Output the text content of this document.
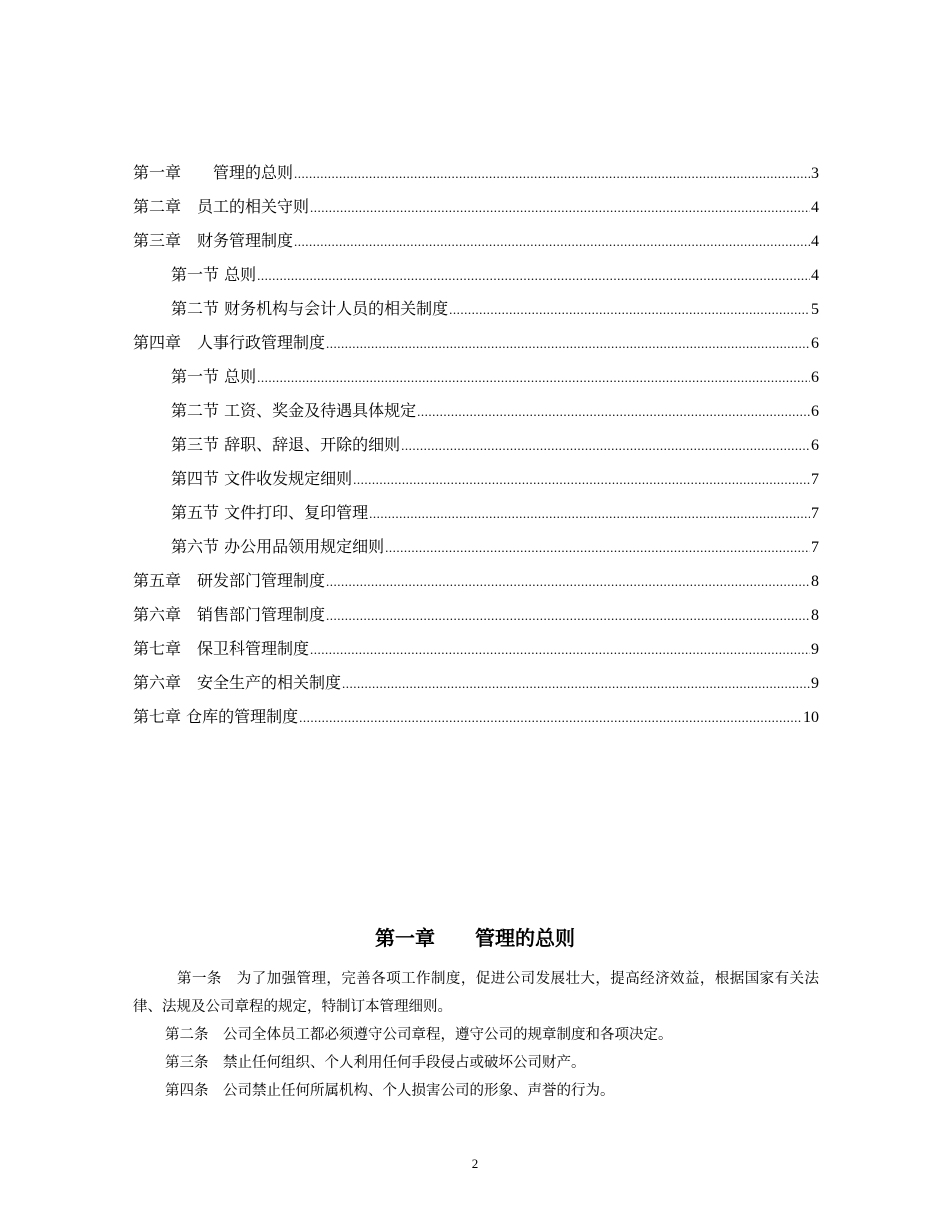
第一章　　管理的总则 .....	3
第二章　员工的相关守则 .....	4
第三章　财务管理制度 .....	4
第一节 总则 .....	4
第二节 财务机构与会计人员的相关制度 .....	5
第四章　人事行政管理制度 .....	6
第一节 总则 .....	6
第二节 工资、奖金及待遇具体规定 .....	6
第三节 辞职、辞退、开除的细则 .....	6
第四节 文件收发规定细则 .....	7
第五节 文件打印、复印管理 .....	7
第六节 办公用品领用规定细则 .....	7
第五章　研发部门管理制度 .....	8
第六章　销售部门管理制度 .....	8
第七章　保卫科管理制度 .....	9
第六章　安全生产的相关制度 .....	9
第七章 仓库的管理制度 .....	10
第一章　　管理的总则

第一条　为了加强管理，完善各项工作制度，促进公司发展壮大，提高经济效益，根据国家有关法律、法规及公司章程的规定，特制订本管理细则。

第二条　公司全体员工都必须遵守公司章程，遵守公司的规章制度和各项决定。

第三条　禁止任何组织、个人利用任何手段侵占或破坏公司财产。

第四条　公司禁止任何所属机构、个人损害公司的形象、声誉的行为。

2
